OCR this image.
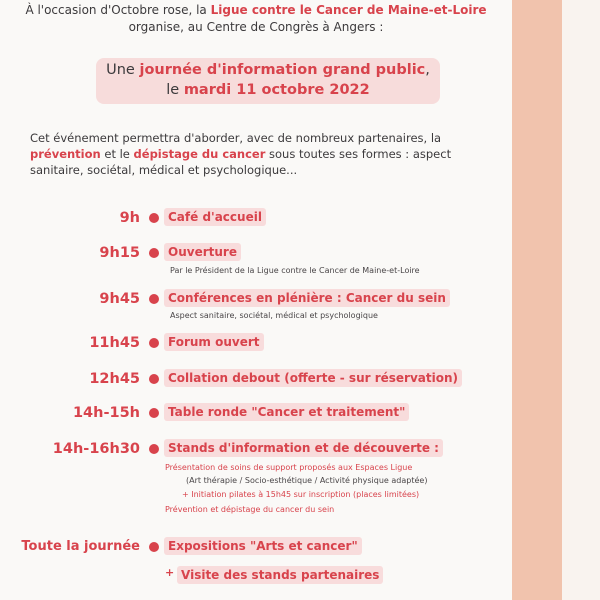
À l'occasion d'Octobre rose, la Ligue contre le Cancer de Maine-et-Loire
organise, au Centre de Congrès à Angers :
Une journée d'information grand public,
le mardi 11 octobre 2022
Cet événement permettra d'aborder, avec de nombreux partenaires, la
prévention et le dépistage du cancer sous toutes ses formes : aspect
sanitaire, sociétal, médical et psychologique...
9h	Café d'accueil
9h15	Ouverture
Par le Président de la Ligue contre le Cancer de Maine-et-Loire
9h45	Conférences en plénière : Cancer du sein
Aspect sanitaire, sociétal, médical et psychologique
11h45	Forum ouvert
12h45	Collation debout (offerte - sur réservation)
14h-15h	Table ronde "Cancer et traitement"
14h-16h30	Stands d'information et de découverte :
Présentation de soins de support proposés aux Espaces Ligue
(Art thérapie / Socio-esthétique / Activité physique adaptée)
+ Initiation pilates à 15h45 sur inscription (places limitées)
Prévention et dépistage du cancer du sein
Toute la journée	Expositions "Arts et cancer"
+ Visite des stands partenaires
